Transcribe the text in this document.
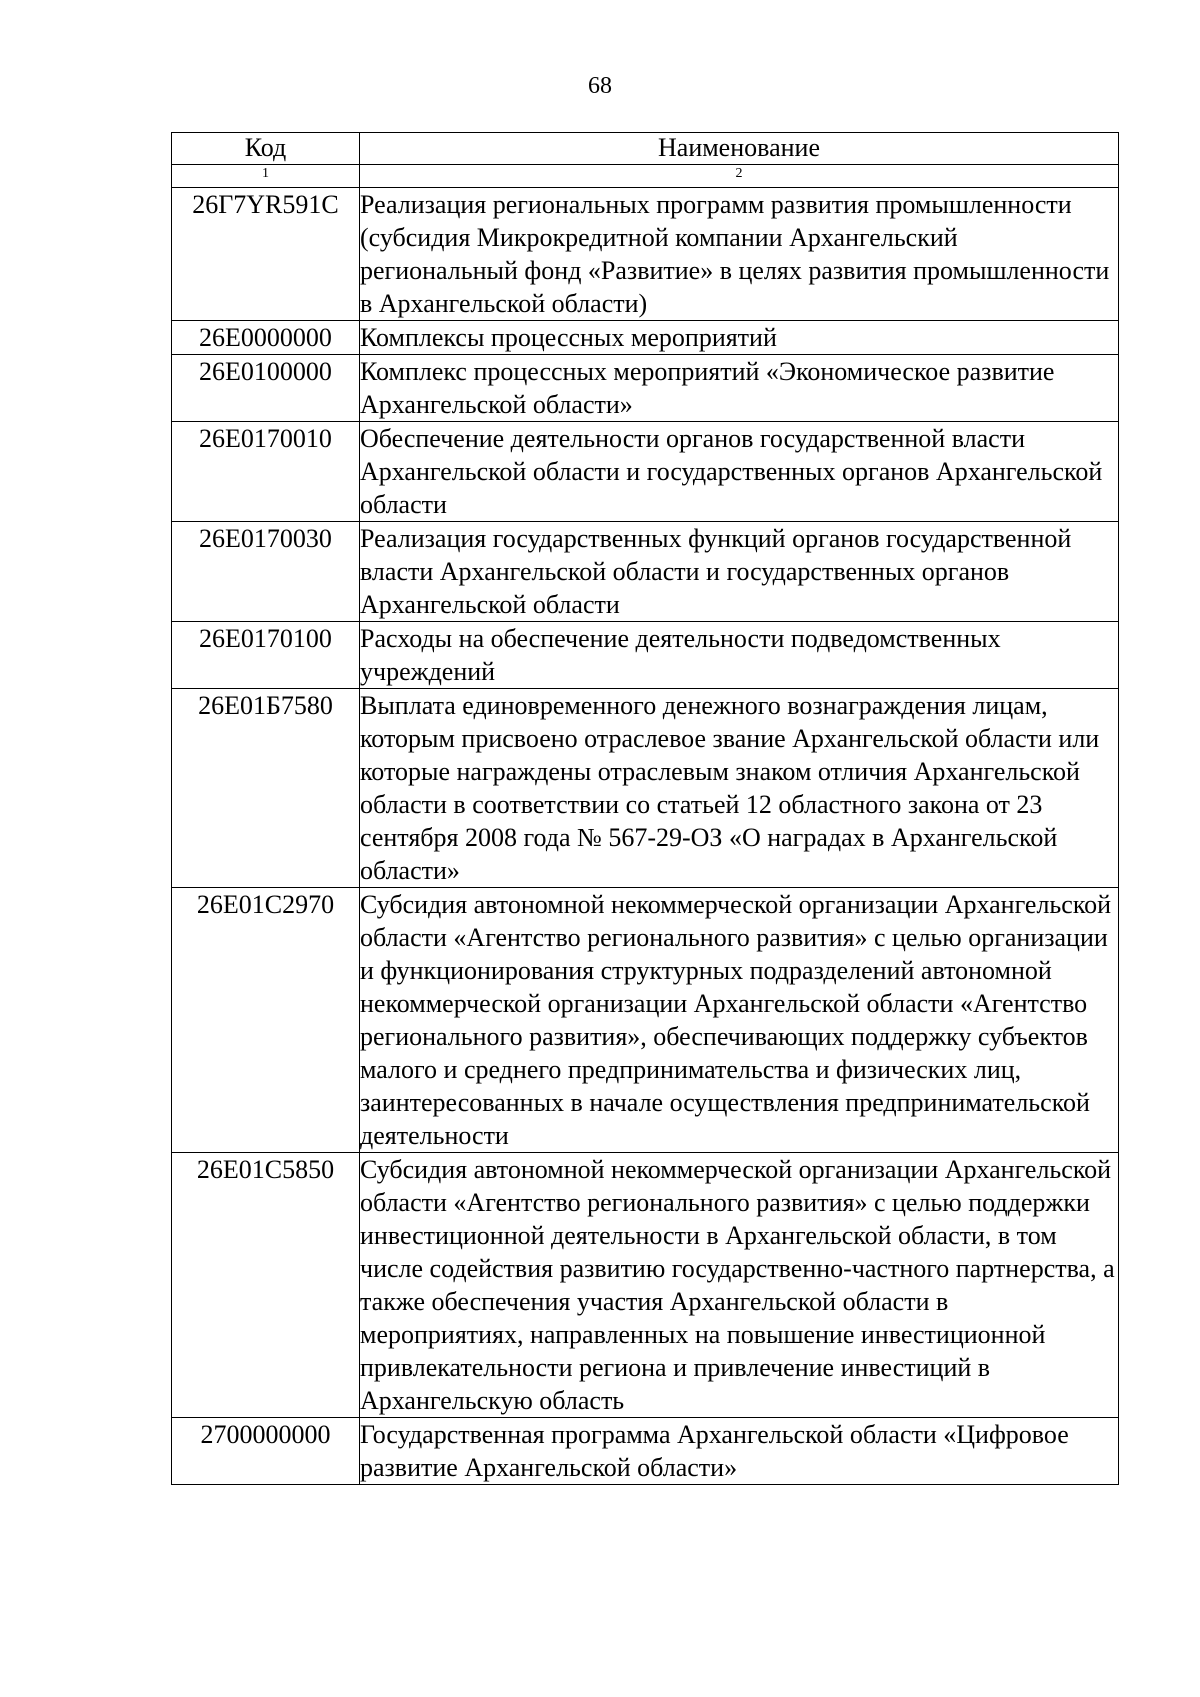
68
Код	Наименование
1	2
26Г7YR591C	Реализация региональных программ развития промышленности (субсидия Микрокредитной компании Архангельский региональный фонд «Развитие» в целях развития промышленности в Архангельской области)
26Е0000000	Комплексы процессных мероприятий
26Е0100000	Комплекс процессных мероприятий «Экономическое развитие Архангельской области»
26Е0170010	Обеспечение деятельности органов государственной власти Архангельской области и государственных органов Архангельской области
26Е0170030	Реализация государственных функций органов государственной власти Архангельской области и государственных органов Архангельской области
26Е0170100	Расходы на обеспечение деятельности подведомственных учреждений
26Е01Б7580	Выплата единовременного денежного вознаграждения лицам, которым присвоено отраслевое звание Архангельской области или которые награждены отраслевым знаком отличия Архангельской области в соответствии со статьей 12 областного закона от 23 сентября 2008 года № 567-29-ОЗ «О наградах в Архангельской области»
26Е01С2970	Субсидия автономной некоммерческой организации Архангельской области «Агентство регионального развития» с целью организации и функционирования структурных подразделений автономной некоммерческой организации Архангельской области «Агентство регионального развития», обеспечивающих поддержку субъектов малого и среднего предпринимательства и физических лиц, заинтересованных в начале осуществления предпринимательской деятельности
26Е01С5850	Субсидия автономной некоммерческой организации Архангельской области «Агентство регионального развития» с целью поддержки инвестиционной деятельности в Архангельской области, в том числе содействия развитию государственно-частного партнерства, а также обеспечения участия Архангельской области в мероприятиях, направленных на повышение инвестиционной привлекательности региона и привлечение инвестиций в Архангельскую область
2700000000	Государственная программа Архангельской области «Цифровое развитие Архангельской области»
